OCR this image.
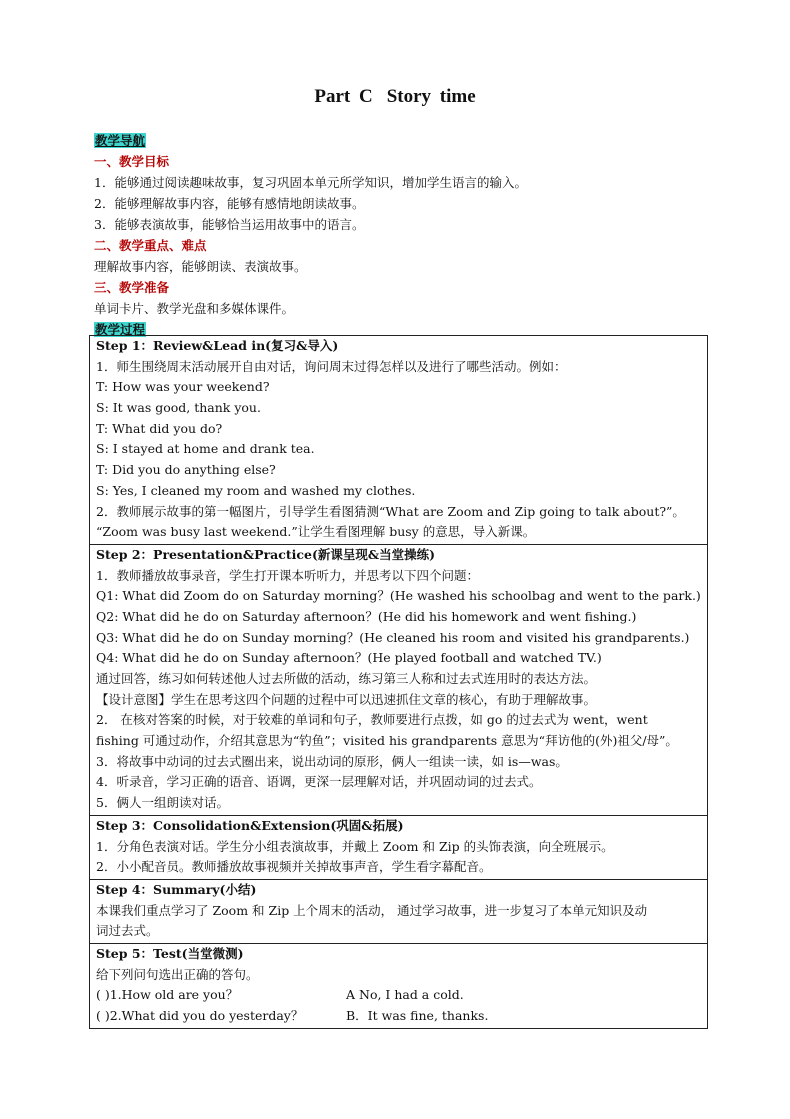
Part C Story time
教学导航
一、教学目标
1．能够通过阅读趣味故事，复习巩固本单元所学知识，增加学生语言的输入。
2．能够理解故事内容，能够有感情地朗读故事。
3．能够表演故事，能够恰当运用故事中的语言。
二、教学重点、难点
理解故事内容，能够朗读、表演故事。
三、教学准备
单词卡片、教学光盘和多媒体课件。
教学过程
Step 1：Review&Lead in(复习&导入)
1．师生围绕周末活动展开自由对话，询问周末过得怎样以及进行了哪些活动。例如：
T: How was your weekend?
S: It was good, thank you.
T: What did you do?
S: I stayed at home and drank tea.
T: Did you do anything else?
S: Yes, I cleaned my room and washed my clothes.
2．教师展示故事的第一幅图片，引导学生看图猜测“What are Zoom and Zip going to talk about?”。
“Zoom was busy last weekend.”让学生看图理解 busy 的意思，导入新课。

Step 2：Presentation&Practice(新课呈现&当堂操练)
1．教师播放故事录音，学生打开课本听听力，并思考以下四个问题：
Q1: What did Zoom do on Saturday morning？(He washed his schoolbag and went to the park.)
Q2: What did he do on Saturday afternoon？(He did his homework and went fishing.)
Q3: What did he do on Sunday morning？(He cleaned his room and visited his grandparents.)
Q4: What did he do on Sunday afternoon？(He played football and watched TV.)
通过回答，练习如何转述他人过去所做的活动，练习第三人称和过去式连用时的表达方法。
【设计意图】学生在思考这四个问题的过程中可以迅速抓住文章的核心，有助于理解故事。
2． 在核对答案的时候，对于较难的单词和句子，教师要进行点拨，如 go 的过去式为 went，went
fishing 可通过动作，介绍其意思为“钓鱼”；visited his grandparents 意思为“拜访他的(外)祖父/母”。
3．将故事中动词的过去式圈出来，说出动词的原形，俩人一组读一读，如 is—was。
4．听录音，学习正确的语音、语调，更深一层理解对话，并巩固动词的过去式。
5．俩人一组朗读对话。

Step 3：Consolidation&Extension(巩固&拓展)
1．分角色表演对话。学生分小组表演故事，并戴上 Zoom 和 Zip 的头饰表演，向全班展示。
2．小小配音员。教师播放故事视频并关掉故事声音，学生看字幕配音。

Step 4：Summary(小结)
本课我们重点学习了 Zoom 和 Zip 上个周末的活动， 通过学习故事，进一步复习了本单元知识及动
词过去式。

Step 5：Test(当堂微测)
给下列问句选出正确的答句。
( )1.How old are you？	A No, I had a cold.
( )2.What did you do yesterday？	B．It was fine, thanks.
